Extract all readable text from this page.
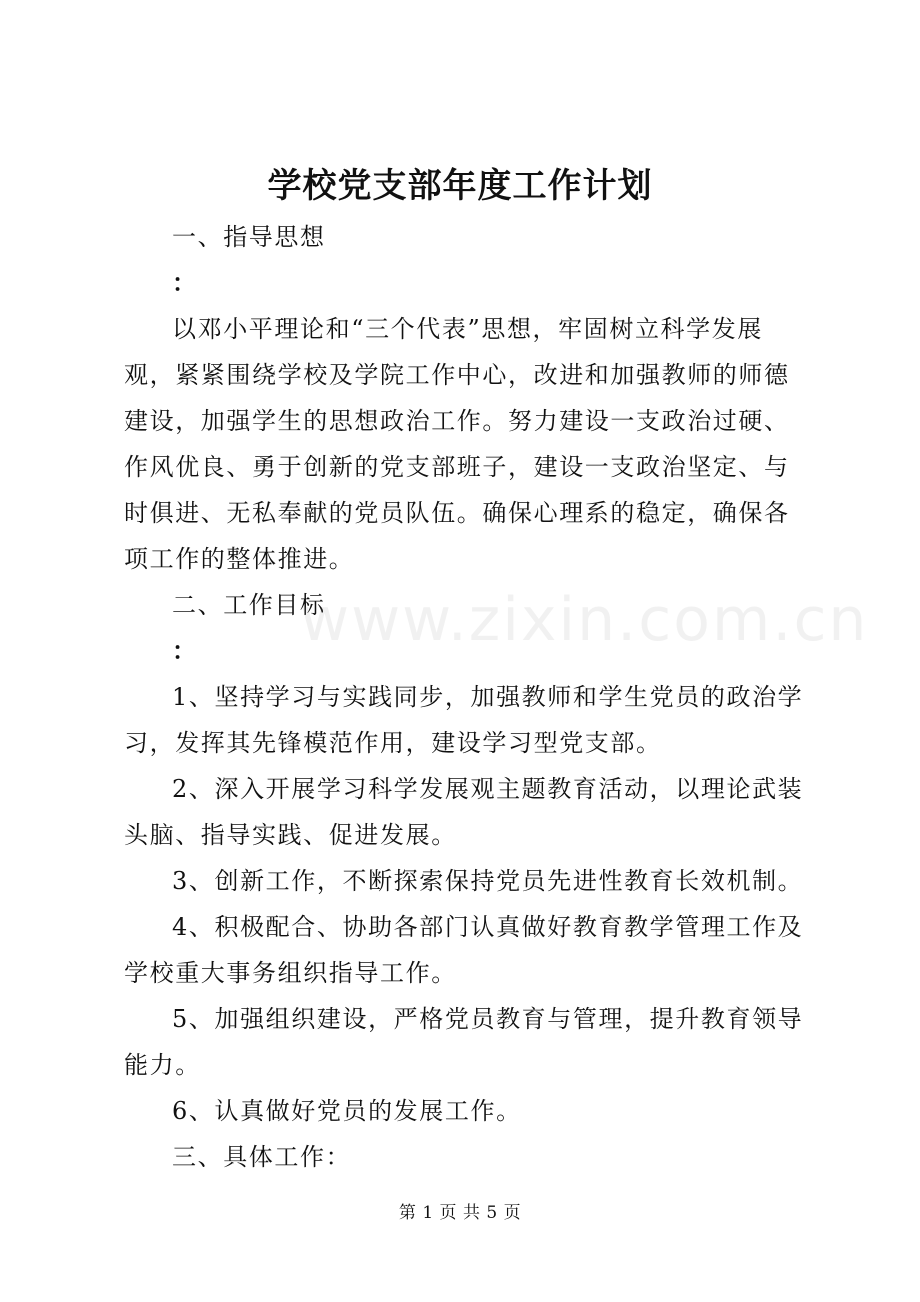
学校党支部年度工作计划

一、指导思想

：

以邓小平理论和“三个代表”思想，牢固树立科学发展观，紧紧围绕学校及学院工作中心，改进和加强教师的师德建设，加强学生的思想政治工作。努力建设一支政治过硬、作风优良、勇于创新的党支部班子，建设一支政治坚定、与时俱进、无私奉献的党员队伍。确保心理系的稳定，确保各项工作的整体推进。

二、工作目标

：

1、坚持学习与实践同步，加强教师和学生党员的政治学习，发挥其先锋模范作用，建设学习型党支部。

2、深入开展学习科学发展观主题教育活动，以理论武装头脑、指导实践、促进发展。

3、创新工作，不断探索保持党员先进性教育长效机制。

4、积极配合、协助各部门认真做好教育教学管理工作及学校重大事务组织指导工作。

5、加强组织建设，严格党员教育与管理，提升教育领导能力。

6、认真做好党员的发展工作。

三、具体工作：

www.zixin.com.cn
第 1 页 共 5 页
